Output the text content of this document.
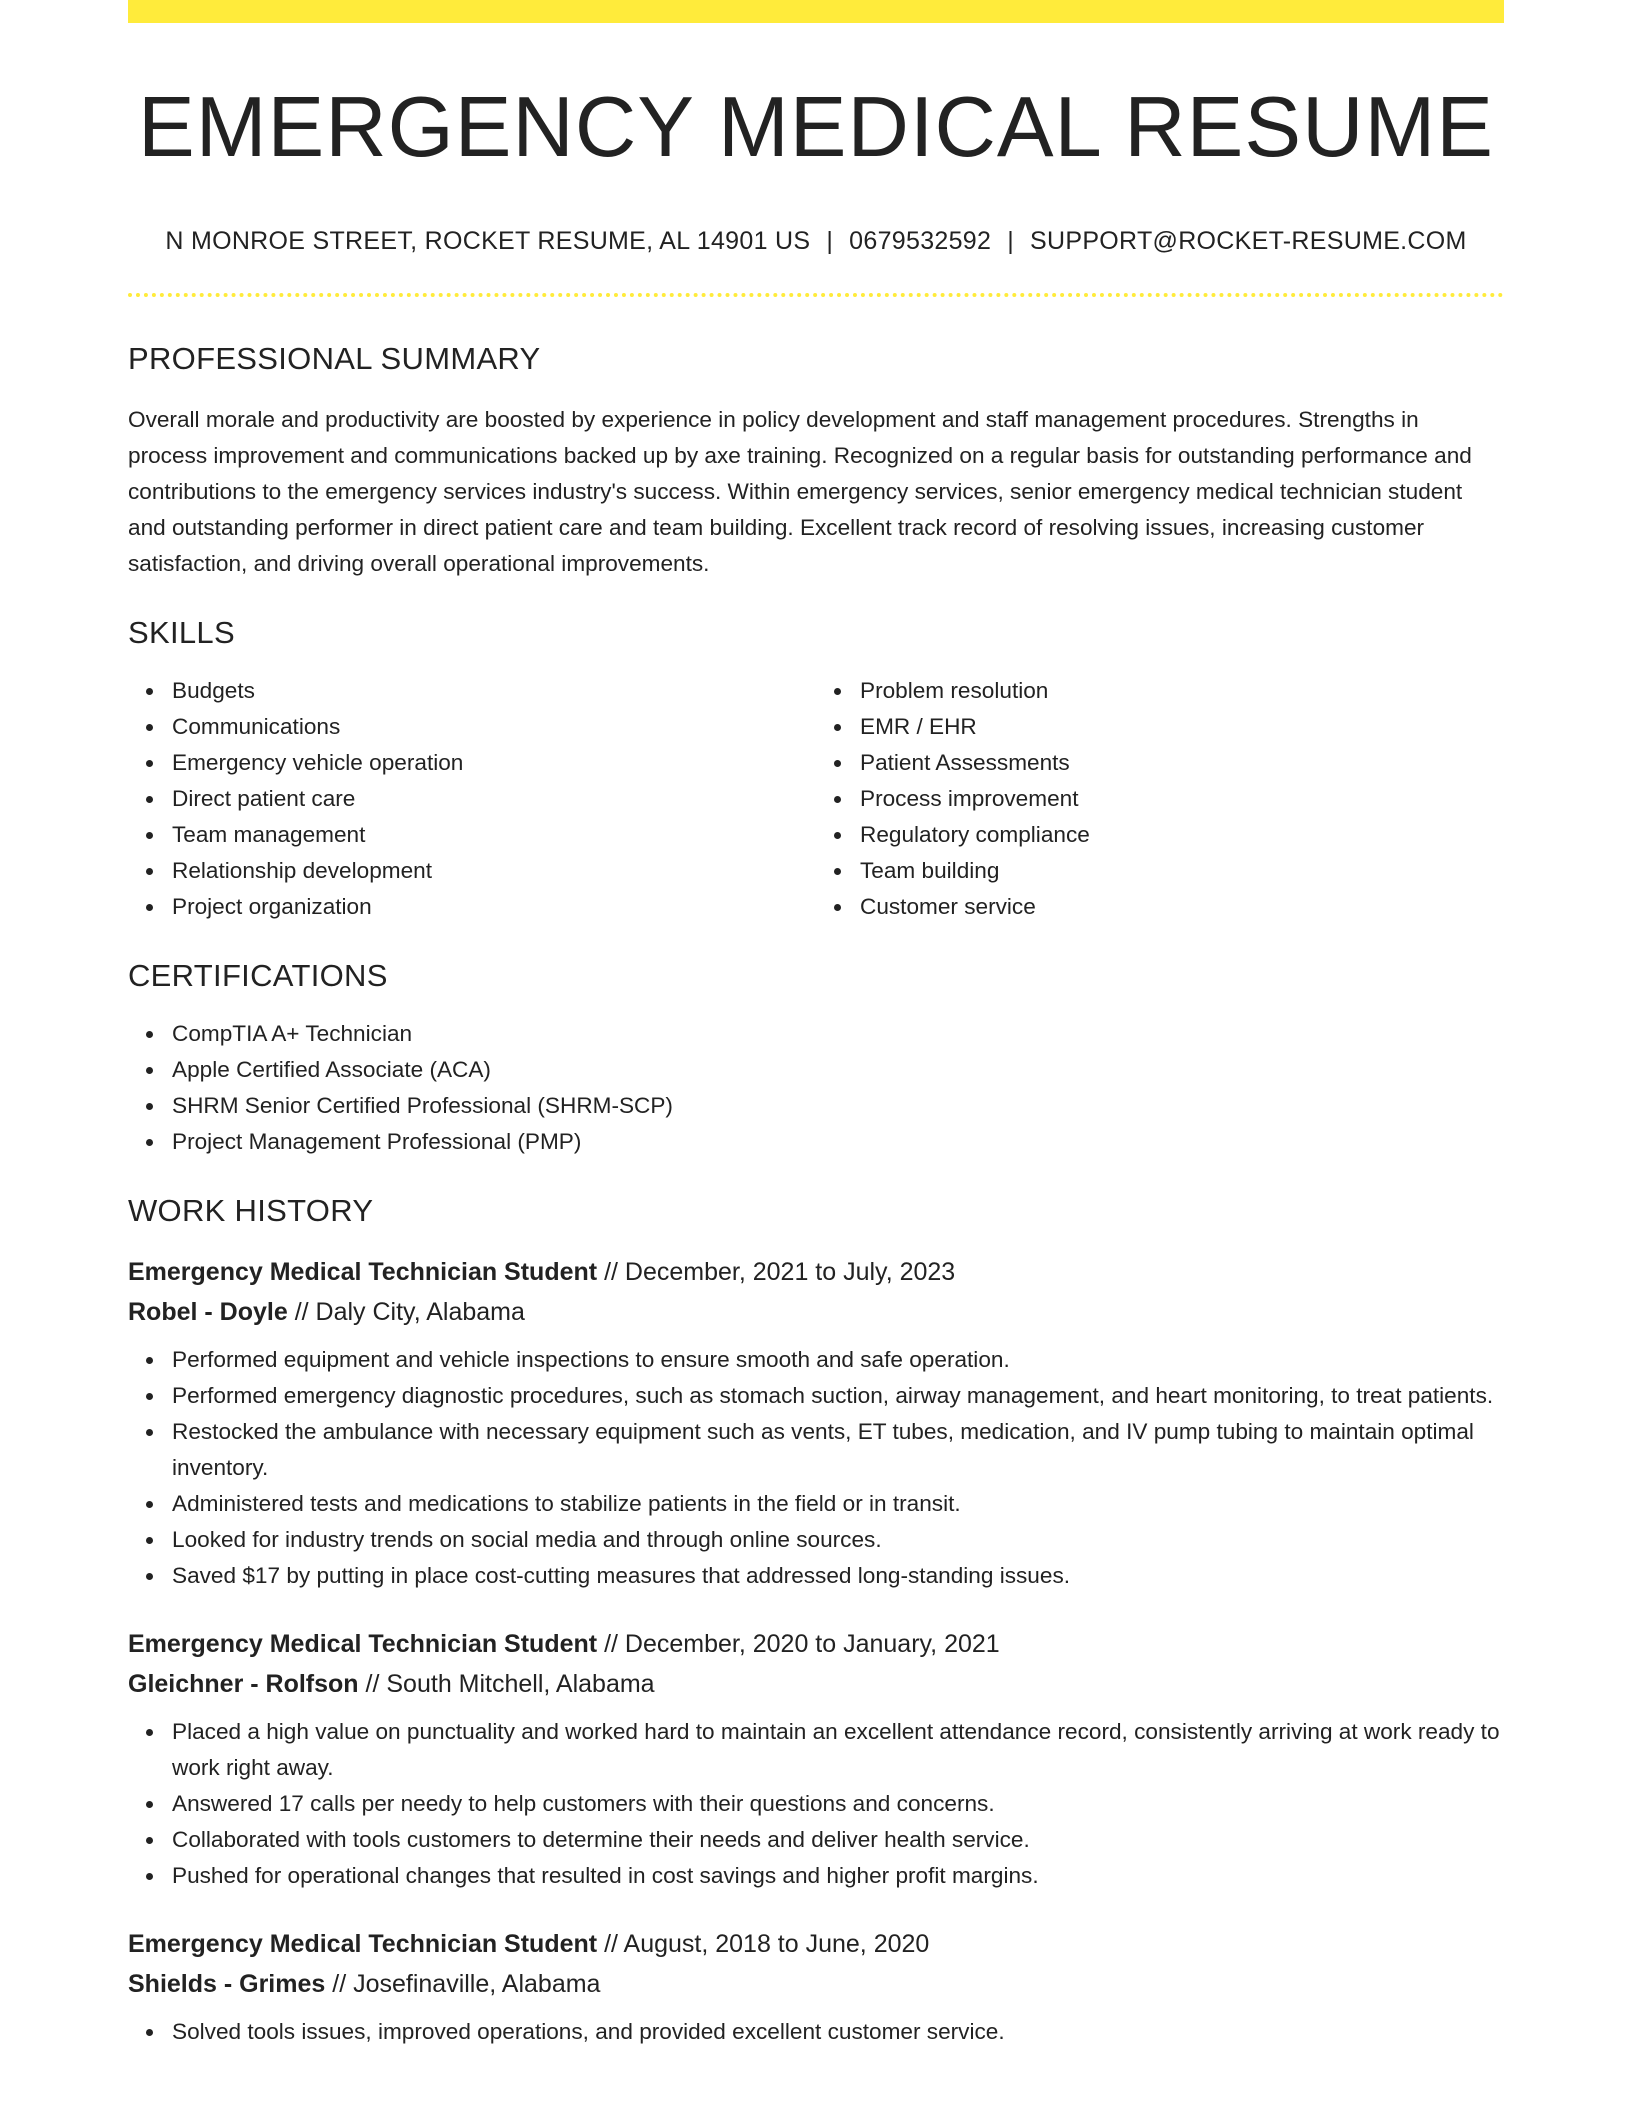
EMERGENCY MEDICAL RESUME
N MONROE STREET, ROCKET RESUME, AL 14901 US | 0679532592 | SUPPORT@ROCKET-RESUME.COM
PROFESSIONAL SUMMARY

Overall morale and productivity are boosted by experience in policy development and staff management procedures. Strengths in process improvement and communications backed up by axe training. Recognized on a regular basis for outstanding performance and contributions to the emergency services industry's success. Within emergency services, senior emergency medical technician student and outstanding performer in direct patient care and team building. Excellent track record of resolving issues, increasing customer satisfaction, and driving overall operational improvements.

SKILLS
Budgets
Communications
Emergency vehicle operation
Direct patient care
Team management
Relationship development
Project organization
Problem resolution
EMR / EHR
Patient Assessments
Process improvement
Regulatory compliance
Team building
Customer service
CERTIFICATIONS
CompTIA A+ Technician
Apple Certified Associate (ACA)
SHRM Senior Certified Professional (SHRM-SCP)
Project Management Professional (PMP)
WORK HISTORY
Emergency Medical Technician Student // December, 2021 to July, 2023
Robel - Doyle // Daly City, Alabama
Performed equipment and vehicle inspections to ensure smooth and safe operation.
Performed emergency diagnostic procedures, such as stomach suction, airway management, and heart monitoring, to treat patients.
Restocked the ambulance with necessary equipment such as vents, ET tubes, medication, and IV pump tubing to maintain optimal inventory.
Administered tests and medications to stabilize patients in the field or in transit.
Looked for industry trends on social media and through online sources.
Saved $17 by putting in place cost-cutting measures that addressed long-standing issues.
Emergency Medical Technician Student // December, 2020 to January, 2021
Gleichner - Rolfson // South Mitchell, Alabama
Placed a high value on punctuality and worked hard to maintain an excellent attendance record, consistently arriving at work ready to work right away.
Answered 17 calls per needy to help customers with their questions and concerns.
Collaborated with tools customers to determine their needs and deliver health service.
Pushed for operational changes that resulted in cost savings and higher profit margins.
Emergency Medical Technician Student // August, 2018 to June, 2020
Shields - Grimes // Josefinaville, Alabama
Solved tools issues, improved operations, and provided excellent customer service.
